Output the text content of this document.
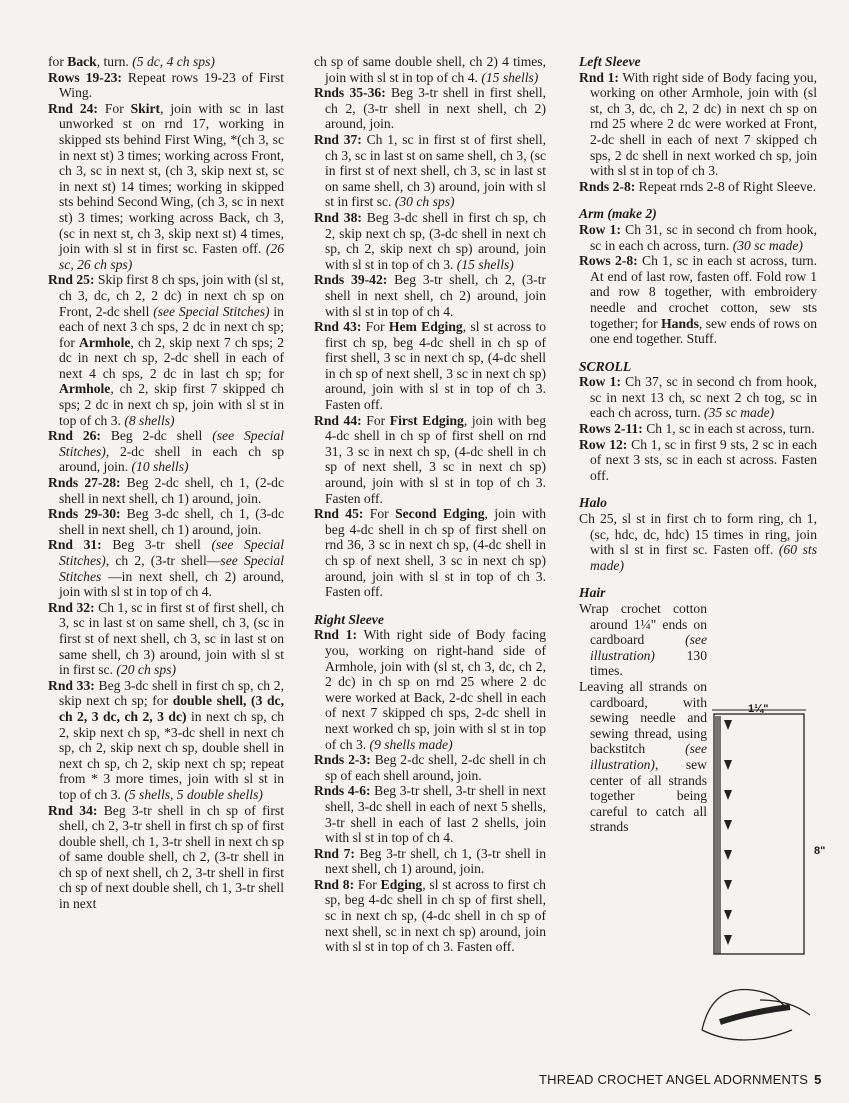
for Back, turn. (5 dc, 4 ch sps)

Rows 19-23: Repeat rows 19-23 of First Wing.

Rnd 24: For Skirt, join with sc in last unworked st on rnd 17, working in skipped sts behind First Wing, *(ch 3, sc in next st) 3 times; working across Front, ch 3, sc in next st, (ch 3, skip next st, sc in next st) 14 times; working in skipped sts behind Second Wing, (ch 3, sc in next st) 3 times; working across Back, ch 3, (sc in next st, ch 3, skip next st) 4 times, join with sl st in first sc. Fasten off. (26 sc, 26 ch sps)

Rnd 25: Skip first 8 ch sps, join with (sl st, ch 3, dc, ch 2, 2 dc) in next ch sp on Front, 2-dc shell (see Special Stitches) in each of next 3 ch sps, 2 dc in next ch sp; for Armhole, ch 2, skip next 7 ch sps; 2 dc in next ch sp, 2-dc shell in each of next 4 ch sps, 2 dc in last ch sp; for Armhole, ch 2, skip first 7 skipped ch sps; 2 dc in next ch sp, join with sl st in top of ch 3. (8 shells)

Rnd 26: Beg 2-dc shell (see Special Stitches), 2-dc shell in each ch sp around, join. (10 shells)

Rnds 27-28: Beg 2-dc shell, ch 1, (2-dc shell in next shell, ch 1) around, join.

Rnds 29-30: Beg 3-dc shell, ch 1, (3-dc shell in next shell, ch 1) around, join.

Rnd 31: Beg 3-tr shell (see Special Stitches), ch 2, (3-tr shell—see Special Stitches —in next shell, ch 2) around, join with sl st in top of ch 4.

Rnd 32: Ch 1, sc in first st of first shell, ch 3, sc in last st on same shell, ch 3, (sc in first st of next shell, ch 3, sc in last st on same shell, ch 3) around, join with sl st in first sc. (20 ch sps)

Rnd 33: Beg 3-dc shell in first ch sp, ch 2, skip next ch sp; for double shell, (3 dc, ch 2, 3 dc, ch 2, 3 dc) in next ch sp, ch 2, skip next ch sp, *3-dc shell in next ch sp, ch 2, skip next ch sp, double shell in next ch sp, ch 2, skip next ch sp; repeat from * 3 more times, join with sl st in top of ch 3. (5 shells, 5 double shells)

Rnd 34: Beg 3-tr shell in ch sp of first shell, ch 2, 3-tr shell in first ch sp of first double shell, ch 1, 3-tr shell in next ch sp of same double shell, ch 2, (3-tr shell in ch sp of next shell, ch 2, 3-tr shell in first ch sp of next double shell, ch 1, 3-tr shell in next

ch sp of same double shell, ch 2) 4 times, join with sl st in top of ch 4. (15 shells)

Rnds 35-36: Beg 3-tr shell in first shell, ch 2, (3-tr shell in next shell, ch 2) around, join.

Rnd 37: Ch 1, sc in first st of first shell, ch 3, sc in last st on same shell, ch 3, (sc in first st of next shell, ch 3, sc in last st on same shell, ch 3) around, join with sl st in first sc. (30 ch sps)

Rnd 38: Beg 3-dc shell in first ch sp, ch 2, skip next ch sp, (3-dc shell in next ch sp, ch 2, skip next ch sp) around, join with sl st in top of ch 3. (15 shells)

Rnds 39-42: Beg 3-tr shell, ch 2, (3-tr shell in next shell, ch 2) around, join with sl st in top of ch 4.

Rnd 43: For Hem Edging, sl st across to first ch sp, beg 4-dc shell in ch sp of first shell, 3 sc in next ch sp, (4-dc shell in ch sp of next shell, 3 sc in next ch sp) around, join with sl st in top of ch 3. Fasten off.

Rnd 44: For First Edging, join with beg 4-dc shell in ch sp of first shell on rnd 31, 3 sc in next ch sp, (4-dc shell in ch sp of next shell, 3 sc in next ch sp) around, join with sl st in top of ch 3. Fasten off.

Rnd 45: For Second Edging, join with beg 4-dc shell in ch sp of first shell on rnd 36, 3 sc in next ch sp, (4-dc shell in ch sp of next shell, 3 sc in next ch sp) around, join with sl st in top of ch 3. Fasten off.

Right Sleeve

Rnd 1: With right side of Body facing you, working on right-hand side of Armhole, join with (sl st, ch 3, dc, ch 2, 2 dc) in ch sp on rnd 25 where 2 dc were worked at Back, 2-dc shell in each of next 7 skipped ch sps, 2-dc shell in next worked ch sp, join with sl st in top of ch 3. (9 shells made)

Rnds 2-3: Beg 2-dc shell, 2-dc shell in ch sp of each shell around, join.

Rnds 4-6: Beg 3-tr shell, 3-tr shell in next shell, 3-dc shell in each of next 5 shells, 3-tr shell in each of last 2 shells, join with sl st in top of ch 4.

Rnd 7: Beg 3-tr shell, ch 1, (3-tr shell in next shell, ch 1) around, join.

Rnd 8: For Edging, sl st across to first ch sp, beg 4-dc shell in ch sp of first shell, sc in next ch sp, (4-dc shell in ch sp of next shell, sc in next ch sp) around, join with sl st in top of ch 3. Fasten off.

Left Sleeve

Rnd 1: With right side of Body facing you, working on other Armhole, join with (sl st, ch 3, dc, ch 2, 2 dc) in next ch sp on rnd 25 where 2 dc were worked at Front, 2-dc shell in each of next 7 skipped ch sps, 2 dc shell in next worked ch sp, join with sl st in top of ch 3.

Rnds 2-8: Repeat rnds 2-8 of Right Sleeve.

Arm (make 2)

Row 1: Ch 31, sc in second ch from hook, sc in each ch across, turn. (30 sc made)

Rows 2-8: Ch 1, sc in each st across, turn. At end of last row, fasten off. Fold row 1 and row 8 together, with embroidery needle and crochet cotton, sew sts together; for Hands, sew ends of rows on one end together. Stuff.

SCROLL

Row 1: Ch 37, sc in second ch from hook, sc in next 13 ch, sc next 2 ch tog, sc in each ch across, turn. (35 sc made)

Rows 2-11: Ch 1, sc in each st across, turn.

Row 12: Ch 1, sc in first 9 sts, 2 sc in each of next 3 sts, sc in each st across. Fasten off.

Halo

Ch 25, sl st in first ch to form ring, ch 1, (sc, hdc, dc, hdc) 15 times in ring, join with sl st in first sc. Fasten off. (60 sts made)

Hair

Wrap crochet cotton around 1¼" ends on cardboard (see illustration) 130 times.

Leaving all strands on cardboard, with sewing needle and sewing thread, using backstitch (see illustration), sew center of all strands together being careful to catch all strands

1¼"
8"
THREAD CROCHET ANGEL ADORNMENTS 5
